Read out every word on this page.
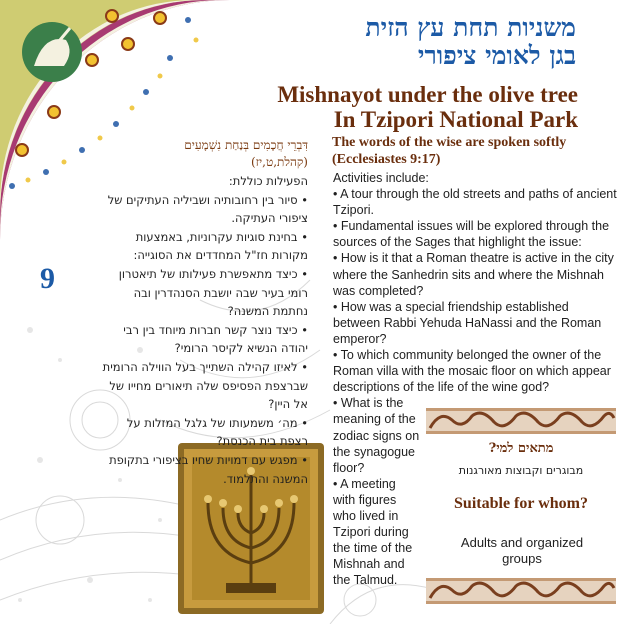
משניות תחת עץ הזית
בגן לאומי ציפורי
Mishnayot under the olive tree
In Tzipori National Park
The words of the wise are spoken softly
(Ecclesiastes 9:17)
דִּבְרֵי חֲכָמִים בְּנַחַת נִשְׁמָעִים
(קהלת,ט,יז)
9

הפעילות כוללת:

• סיור בין רחובותיה ושביליה העתיקים של ציפורי העתיקה.
• בחינת סוגיות עקרוניות, באמצעות מקורות חז"ל המחדדים את הסוגייה:
• כיצד מתאפשרת פעילותו של תיאטרון רומי בעיר שבה יושבת הסנהדרין ובה נחתמת המשנה?
• כיצד נוצר קשר חברות מיוחד בין רבי יהודה הנשיא לקיסר הרומי?
• לאיזו קהילה השתייך בעל הווילה הרומית שברצפת הפסיפס שלה תיאורים מחייו של אל היין?
• מה׳ משמעותו של גלגל המזלות על רצפת בית הכנסת?
• מפגש עם דמויות שחיו בציפורי בתקופת המשנה והתלמוד.

Activities include:

• A tour through the old streets and paths of ancient Tzipori.
• Fundamental issues will be explored through the sources of the Sages that highlight the issue:
• How is it that a Roman theatre is active in the city where the Sanhedrin sits and where the Mishnah was completed?
• How was a special friendship established between Rabbi Yehuda HaNassi and the Roman emperor?
• To which community belonged the owner of the Roman villa with the mosaic floor on which appear descriptions of the life of the wine god?
• What is the meaning of the zodiac signs on the synagogue floor?
• A meeting with figures who lived in Tzipori during the time of the Mishnah and the Talmud.
מתאים למי?
מבוגרים וקבוצות מאורגנות
Suitable for whom?
Adults and organized groups
